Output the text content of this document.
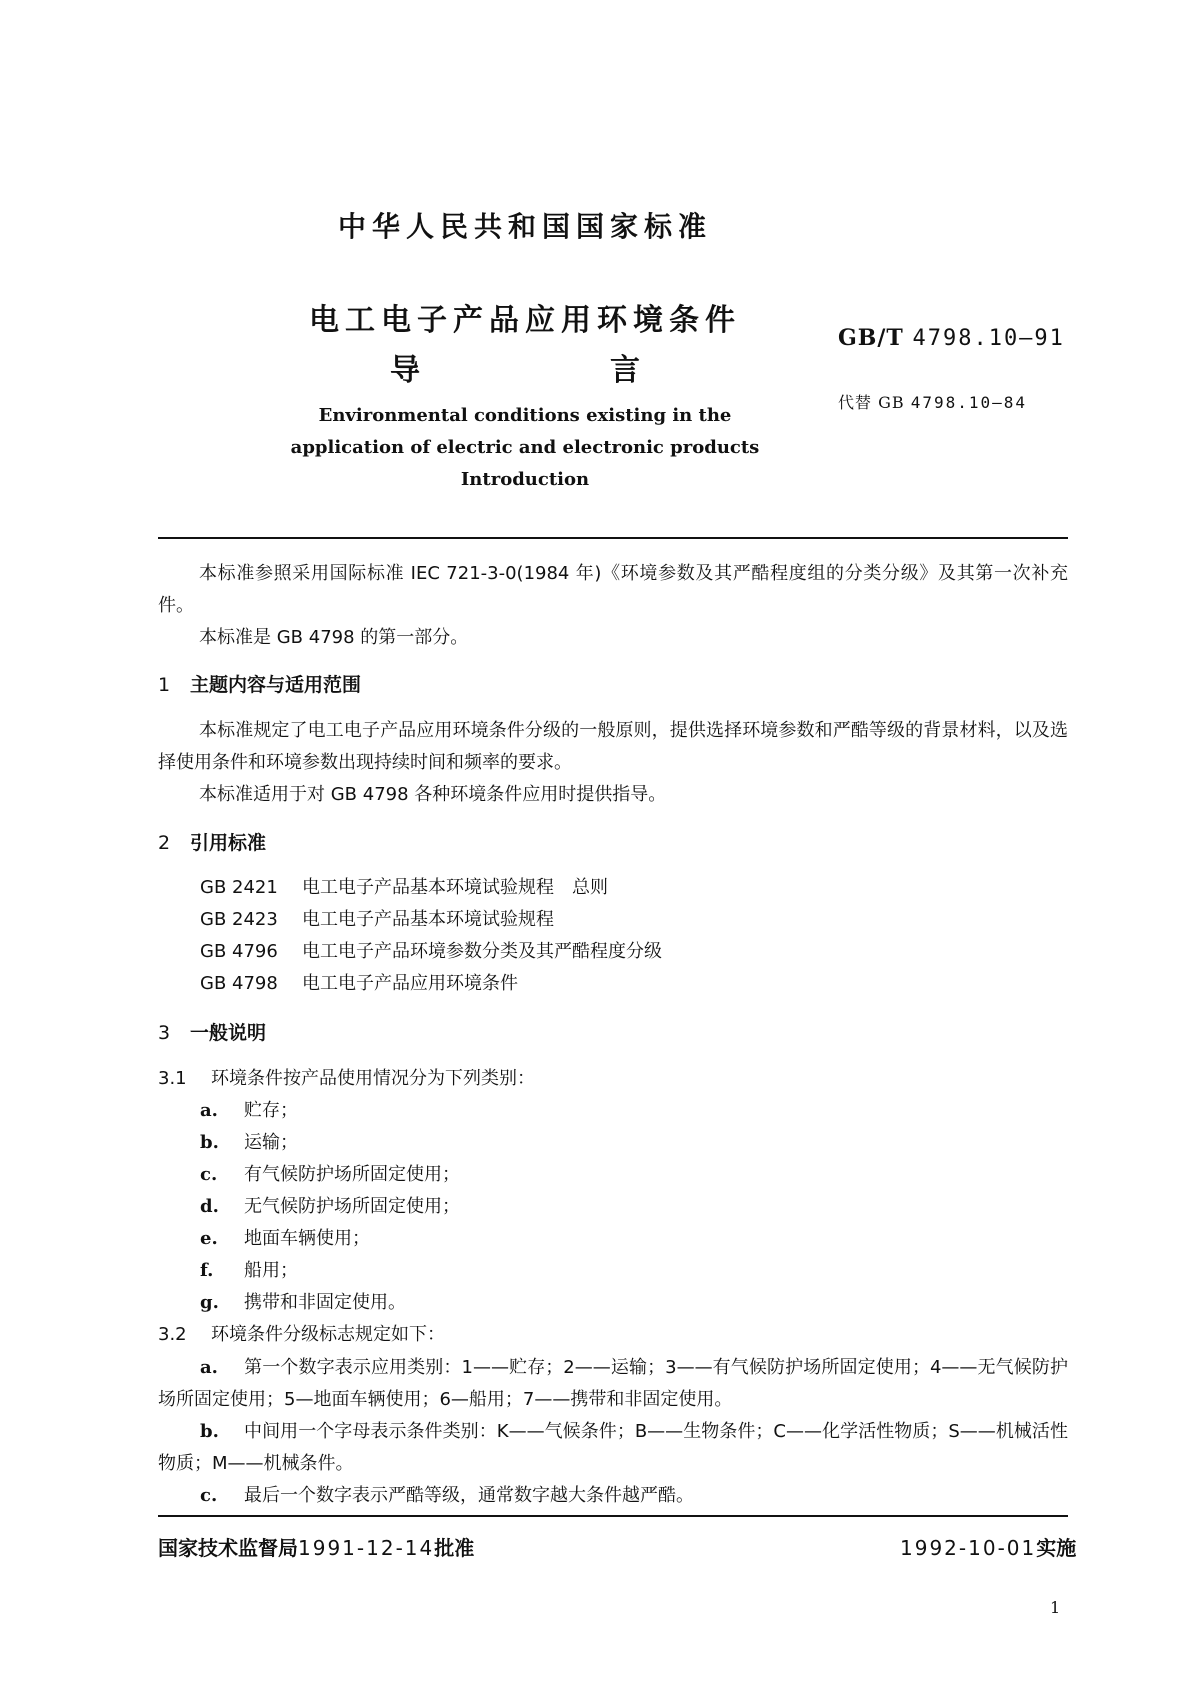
中华人民共和国国家标准
电工电子产品应用环境条件
导	言
GB/T 4798.10—91
代替 GB 4798.10—84
Environmental conditions existing in the
application of electric and electronic products
Introduction
本标准参照采用国际标准 IEC 721-3-0(1984 年)《环境参数及其严酷程度组的分类分级》及其第一次补充件。
本标准是 GB 4798 的第一部分。
1 主题内容与适用范围
本标准规定了电工电子产品应用环境条件分级的一般原则，提供选择环境参数和严酷等级的背景材料，以及选择使用条件和环境参数出现持续时间和频率的要求。
本标准适用于对 GB 4798 各种环境条件应用时提供指导。
2 引用标准
GB 2421 电工电子产品基本环境试验规程　总则
GB 2423 电工电子产品基本环境试验规程
GB 4796 电工电子产品环境参数分类及其严酷程度分级
GB 4798 电工电子产品应用环境条件
3 一般说明
3.1 环境条件按产品使用情况分为下列类别：
a. 贮存；
b. 运输；
c. 有气候防护场所固定使用；
d. 无气候防护场所固定使用；
e. 地面车辆使用；
f. 船用；
g. 携带和非固定使用。
3.2 环境条件分级标志规定如下：
a. 第一个数字表示应用类别：1——贮存；2——运输；3——有气候防护场所固定使用；4——无气候防护场所固定使用；5—地面车辆使用；6—船用；7——携带和非固定使用。
b. 中间用一个字母表示条件类别：K——气候条件；B——生物条件；C——化学活性物质；S——机械活性物质；M——机械条件。
c. 最后一个数字表示严酷等级，通常数字越大条件越严酷。
国家技术监督局1991-12-14批准	1992-10-01实施
1
